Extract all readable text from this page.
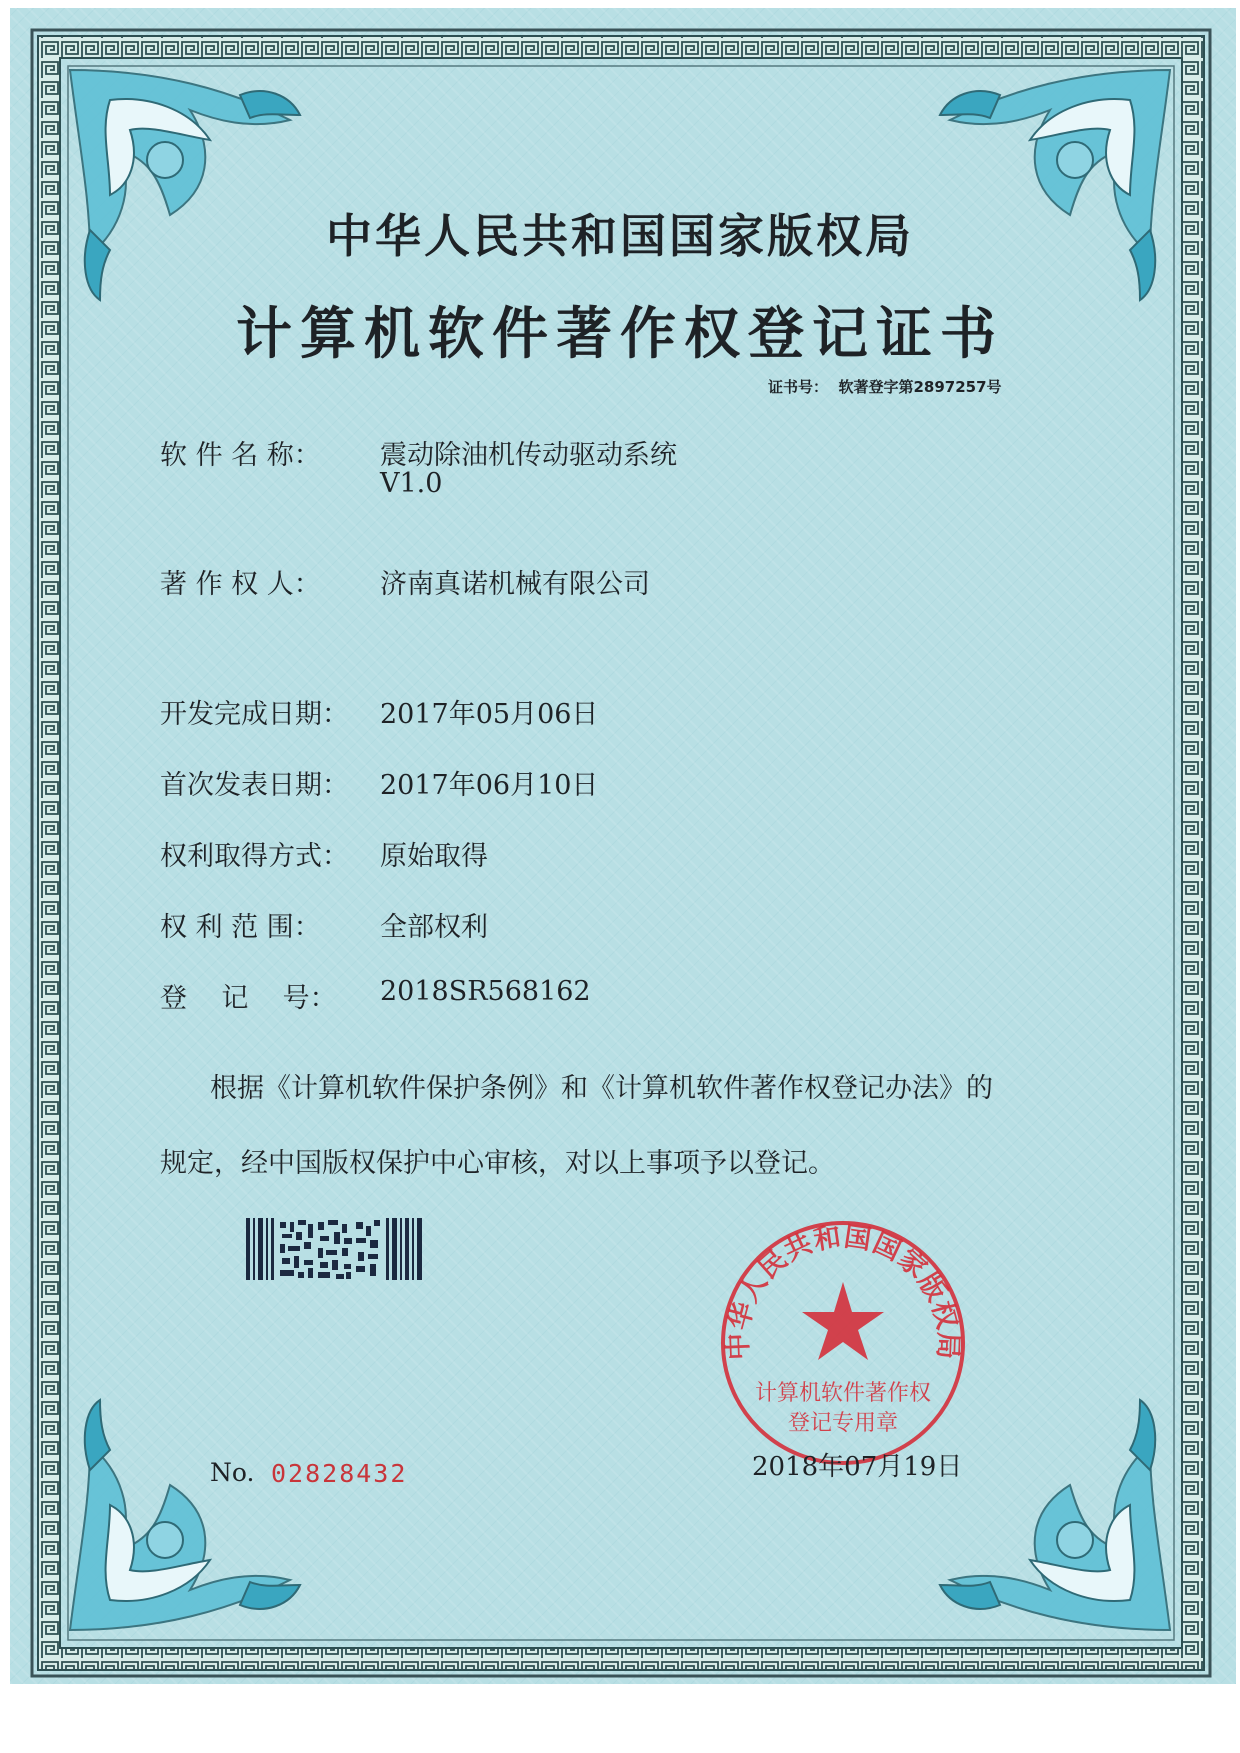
中华人民共和国国家版权局
计算机软件著作权登记证书
证书号： 软著登字第2897257号
软 件 名 称： 震动除油机传动驱动系统
V1.0
著 作 权 人： 济南真诺机械有限公司
开发完成日期： 2017年05月06日
首次发表日期： 2017年06月10日
权利取得方式： 原始取得
权 利 范 围： 全部权利
登    记    号： 2018SR568162
根据《计算机软件保护条例》和《计算机软件著作权登记办法》的
规定，经中国版权保护中心审核，对以上事项予以登记。
No. 02828432
中华人民共和国国家版权局
计算机软件著作权
登记专用章
2018年07月19日
